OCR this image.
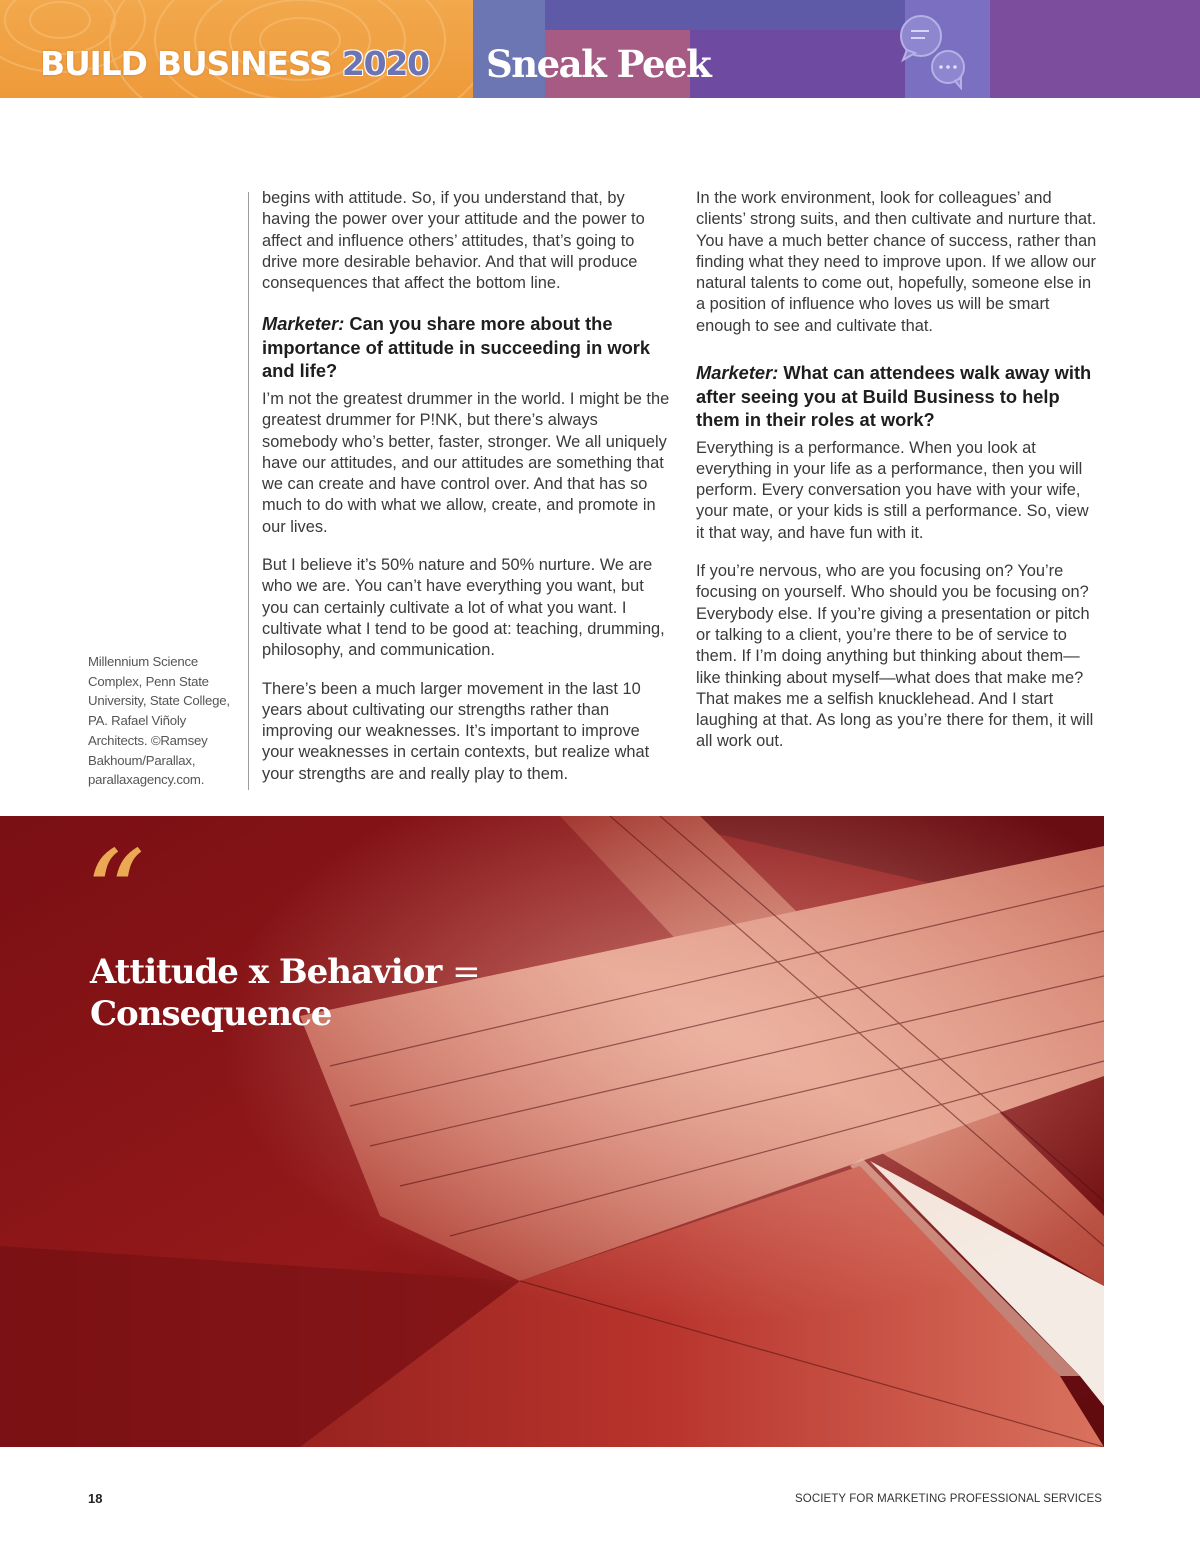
BUILD BUSINESS 2020 Sneak Peek
Millennium Science Complex, Penn State University, State College, PA. Rafael Viñoly Architects. ©Ramsey Bakhoum/Parallax, parallaxagency.com.

begins with attitude. So, if you understand that, by having the power over your attitude and the power to affect and influence others’ attitudes, that’s going to drive more desirable behavior. And that will produce consequences that affect the bottom line.

Marketer: Can you share more about the importance of attitude in succeeding in work and life?

I’m not the greatest drummer in the world. I might be the greatest drummer for P!NK, but there’s always somebody who’s better, faster, stronger. We all uniquely have our attitudes, and our attitudes are something that we can create and have control over. And that has so much to do with what we allow, create, and promote in our lives.

But I believe it’s 50% nature and 50% nurture. We are who we are. You can’t have everything you want, but you can certainly cultivate a lot of what you want. I cultivate what I tend to be good at: teaching, drumming, philosophy, and communication.

There’s been a much larger movement in the last 10 years about cultivating our strengths rather than improving our weaknesses. It’s important to improve your weaknesses in certain contexts, but realize what your strengths are and really play to them.

In the work environment, look for colleagues’ and clients’ strong suits, and then cultivate and nurture that. You have a much better chance of success, rather than finding what they need to improve upon. If we allow our natural talents to come out, hopefully, someone else in a position of influence who loves us will be smart enough to see and cultivate that.

Marketer: What can attendees walk away with after seeing you at Build Business to help them in their roles at work?

Everything is a performance. When you look at everything in your life as a performance, then you will perform. Every conversation you have with your wife, your mate, or your kids is still a performance. So, view it that way, and have fun with it.

If you’re nervous, who are you focusing on? You’re focusing on yourself. Who should you be focusing on? Everybody else. If you’re giving a presentation or pitch or talking to a client, you’re there to be of service to them. If I’m doing anything but thinking about them—like thinking about myself—what does that make me? That makes me a selfish knucklehead. And I start laughing at that. As long as you’re there for them, it will all work out.

“
Attitude x Behavior =
Consequence
18	SOCIETY FOR MARKETING PROFESSIONAL SERVICES
